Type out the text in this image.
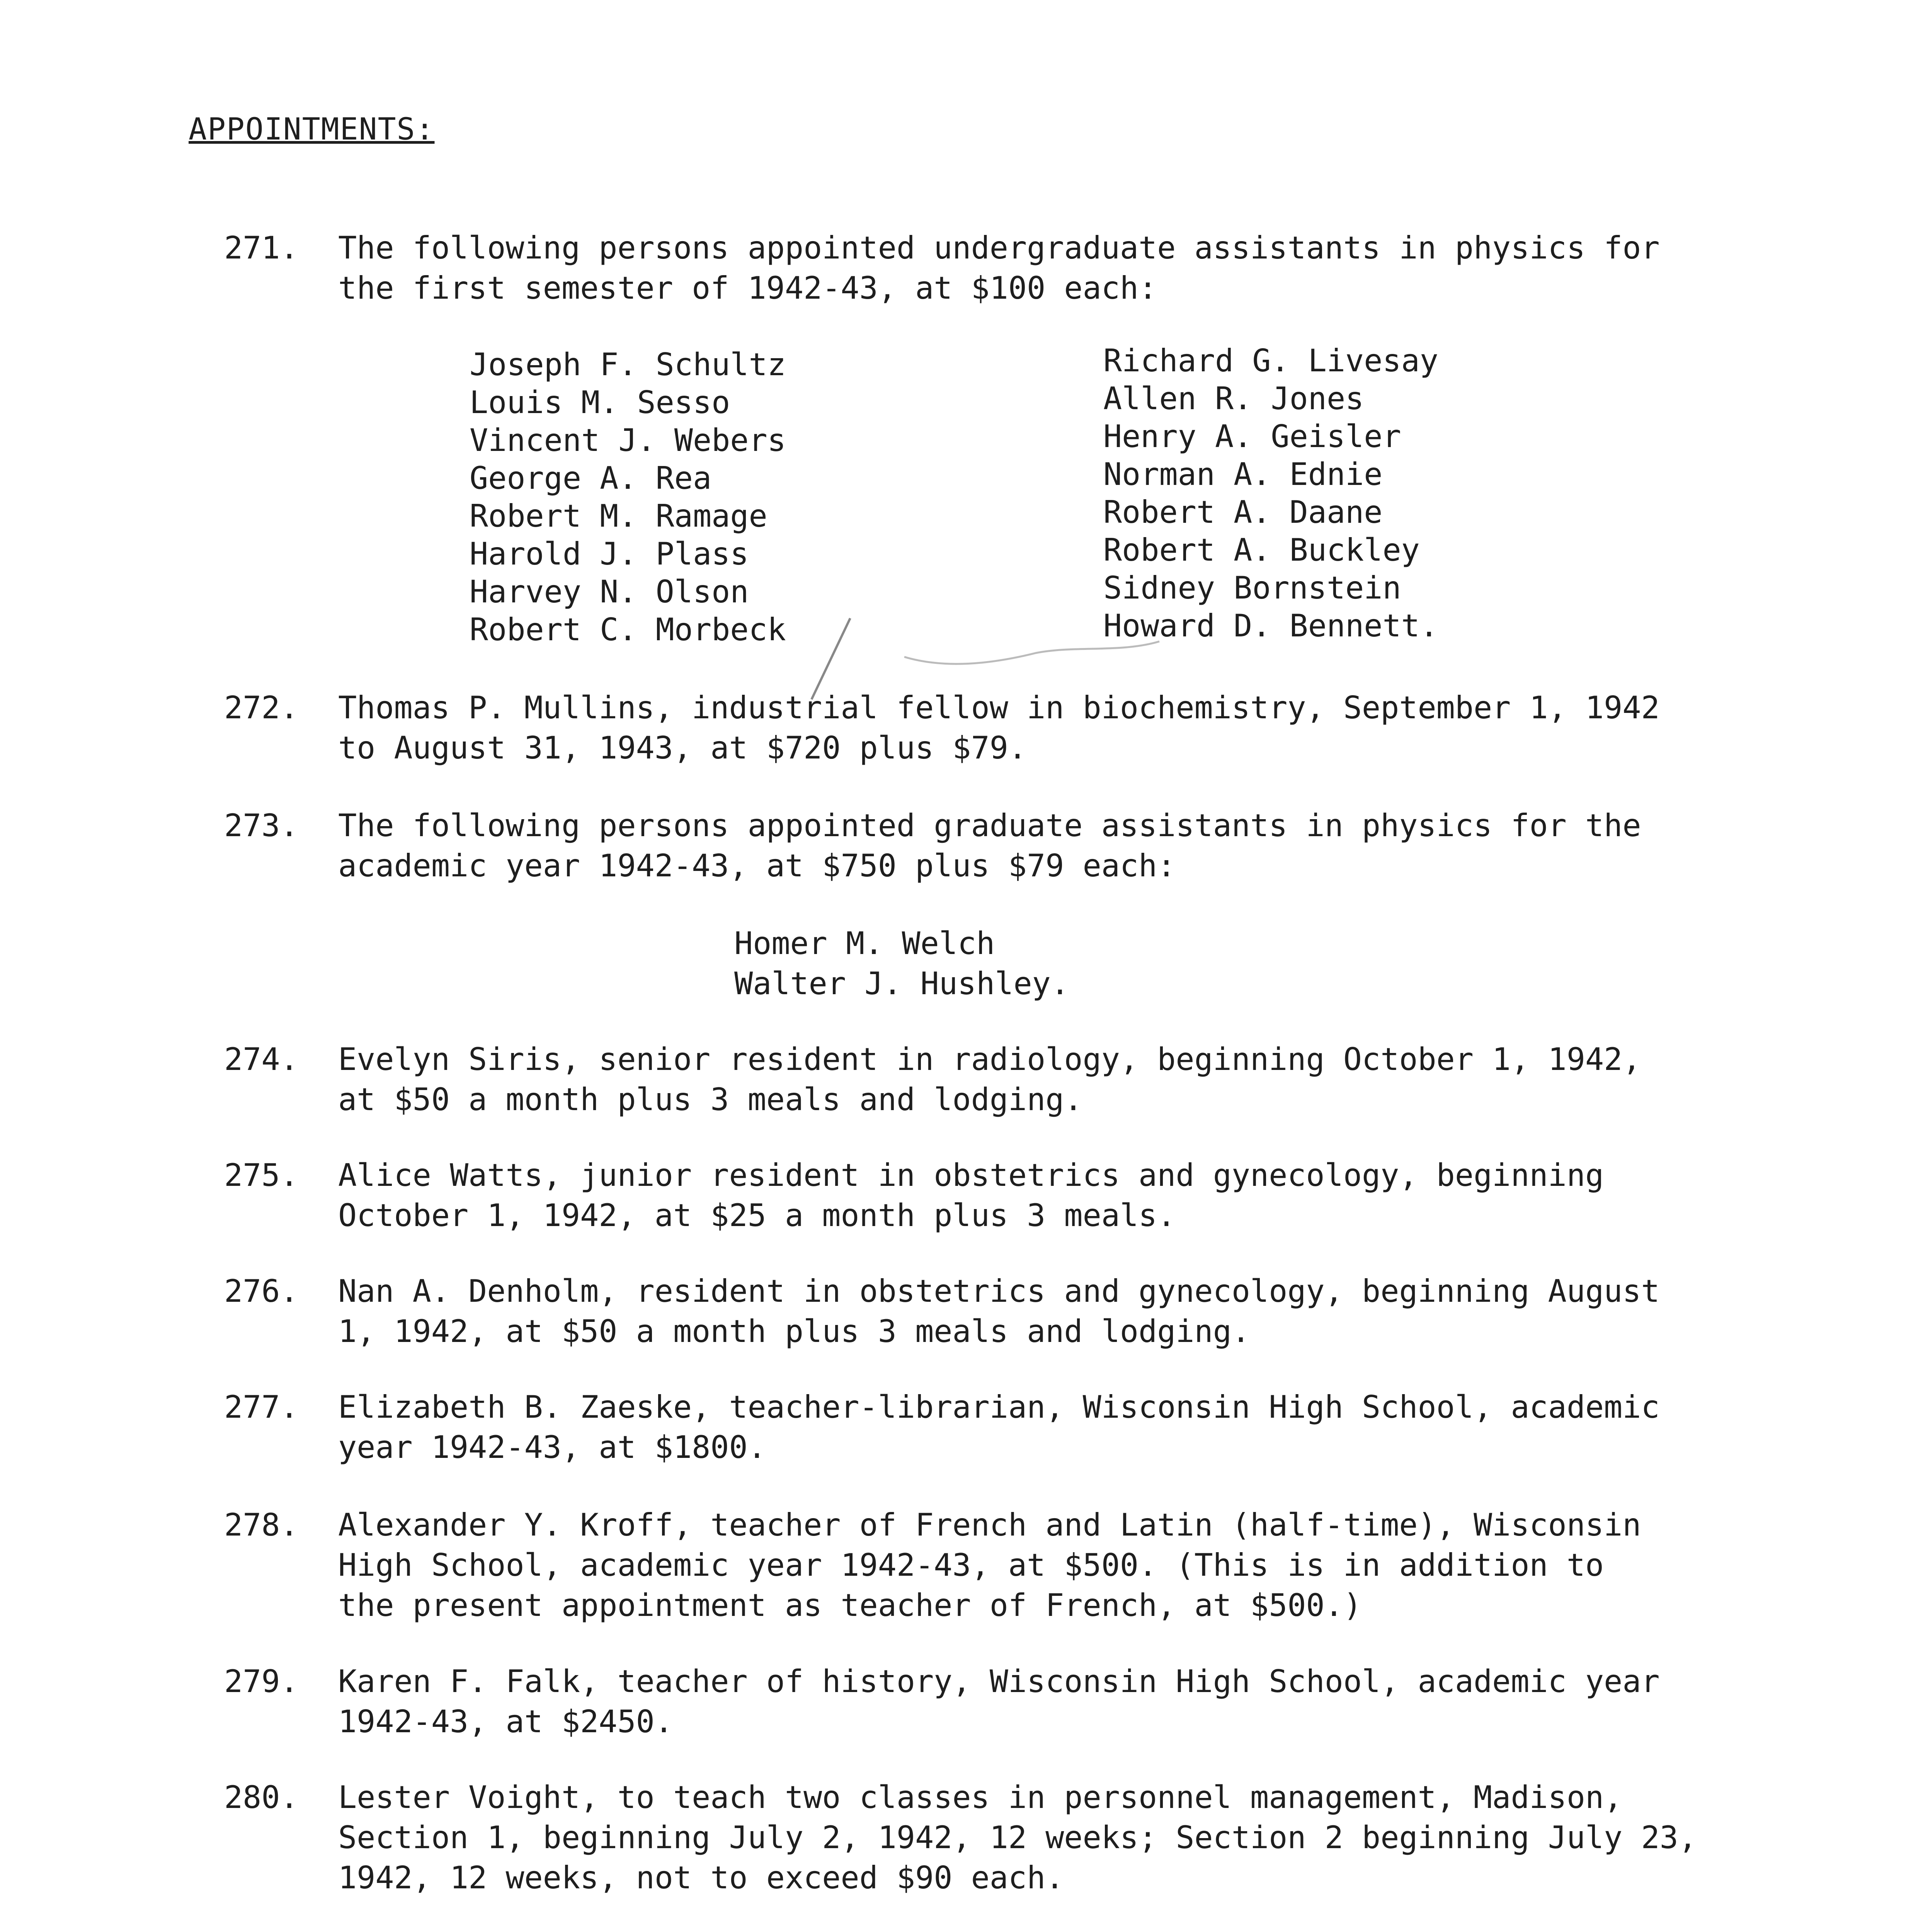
APPOINTMENTS:
271.	The following persons appointed undergraduate assistants in physics for
the first semester of 1942-43, at $100 each:
Joseph F. Schultz
Louis M. Sesso
Vincent J. Webers
George A. Rea
Robert M. Ramage
Harold J. Plass
Harvey N. Olson
Robert C. Morbeck
Richard G. Livesay
Allen R. Jones
Henry A. Geisler
Norman A. Ednie
Robert A. Daane
Robert A. Buckley
Sidney Bornstein
Howard D. Bennett.
272.	Thomas P. Mullins, industrial fellow in biochemistry, September 1, 1942
to August 31, 1943, at $720 plus $79.
273.	The following persons appointed graduate assistants in physics for the
academic year 1942-43, at $750 plus $79 each:
Homer M. Welch
Walter J. Hushley.
274.	Evelyn Siris, senior resident in radiology, beginning October 1, 1942,
at $50 a month plus 3 meals and lodging.
275.	Alice Watts, junior resident in obstetrics and gynecology, beginning
October 1, 1942, at $25 a month plus 3 meals.
276.	Nan A. Denholm, resident in obstetrics and gynecology, beginning August
1, 1942, at $50 a month plus 3 meals and lodging.
277.	Elizabeth B. Zaeske, teacher-librarian, Wisconsin High School, academic
year 1942-43, at $1800.
278.	Alexander Y. Kroff, teacher of French and Latin (half-time), Wisconsin
High School, academic year 1942-43, at $500. (This is in addition to
the present appointment as teacher of French, at $500.)
279.	Karen F. Falk, teacher of history, Wisconsin High School, academic year
1942-43, at $2450.
280.	Lester Voight, to teach two classes in personnel management, Madison,
Section 1, beginning July 2, 1942, 12 weeks; Section 2 beginning July 23,
1942, 12 weeks, not to exceed $90 each.
